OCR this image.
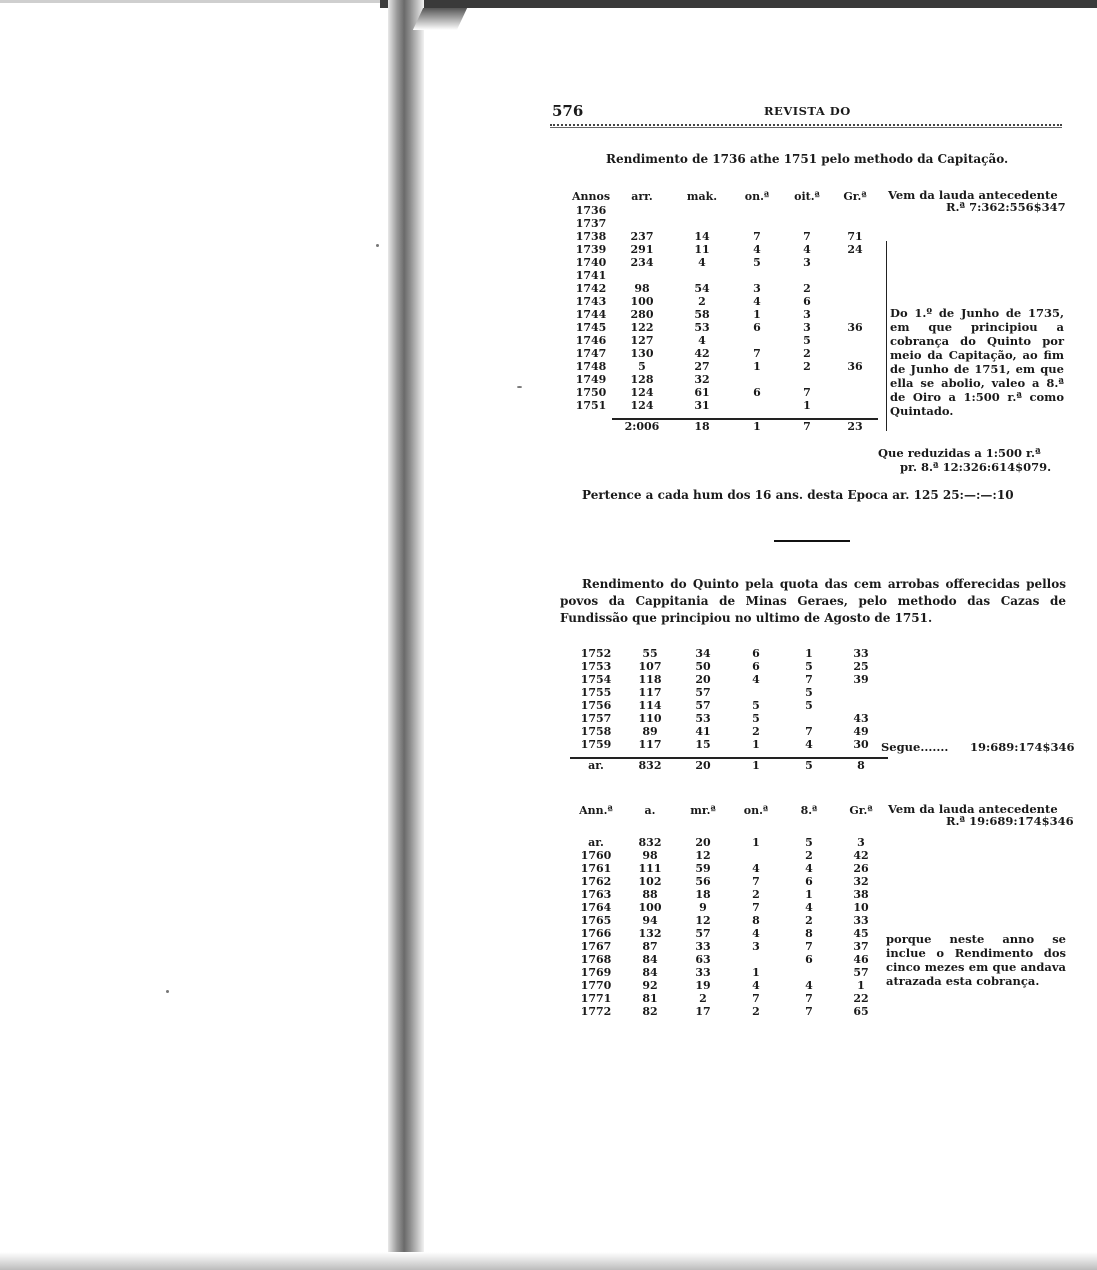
576	REVISTA DO
Rendimento de 1736 athe 1751 pelo methodo da Capitação.
Annos	arr.	mak.	on.ª	oit.ª	Gr.ª
1736					
1737					
1738	237	14	7	7	71
1739	291	11	4	4	24
1740	234	4	5	3	
1741					
1742	98	54	3	2	
1743	100	2	4	6	
1744	280	58	1	3	
1745	122	53	6	3	36
1746	127	4		5	
1747	130	42	7	2	
1748	5	27	1	2	36
1749	128	32			
1750	124	61	6	7	
1751	124	31		1	

	2:006	18	1	7	23
Vem da lauda antecedente
R.ª 7:362:556$347
Do 1.º de Junho de 1735, em que principiou a cobrança do Quinto por meio da Capitação, ao fim de Junho de 1751, em que ella se abolio, valeo a 8.ª de Oiro a 1:500 r.ª como Quintado.
Que reduzidas a 1:500 r.ª
pr. 8.ª 12:326:614$079.
Pertence a cada hum dos 16 ans. desta Epoca ar. 125 25:—:—:10
Rendimento do Quinto pela quota das cem arrobas offerecidas pellos povos da Cappitania de Minas Geraes, pelo methodo das Cazas de Fundissão que principiou no ultimo de Agosto de 1751.
1752	55	34	6	1	33
1753	107	50	6	5	25
1754	118	20	4	7	39
1755	117	57		5	
1756	114	57	5	5	
1757	110	53	5		43
1758	89	41	2	7	49
1759	117	15	1	4	30

ar.	832	20	1	5	8
Segue....... 19:689:174$346
Ann.ª	a.	mr.ª	on.ª	8.ª	Gr.ª

ar.	832	20	1	5	3
1760	98	12		2	42
1761	111	59	4	4	26
1762	102	56	7	6	32
1763	88	18	2	1	38
1764	100	9	7	4	10
1765	94	12	8	2	33
1766	132	57	4	8	45
1767	87	33	3	7	37
1768	84	63		6	46
1769	84	33	1		57
1770	92	19	4	4	1
1771	81	2	7	7	22
1772	82	17	2	7	65
Vem da lauda antecedente
R.ª 19:689:174$346
porque neste anno se inclue o Rendimento dos cinco mezes em que andava atrazada esta cobrança.
